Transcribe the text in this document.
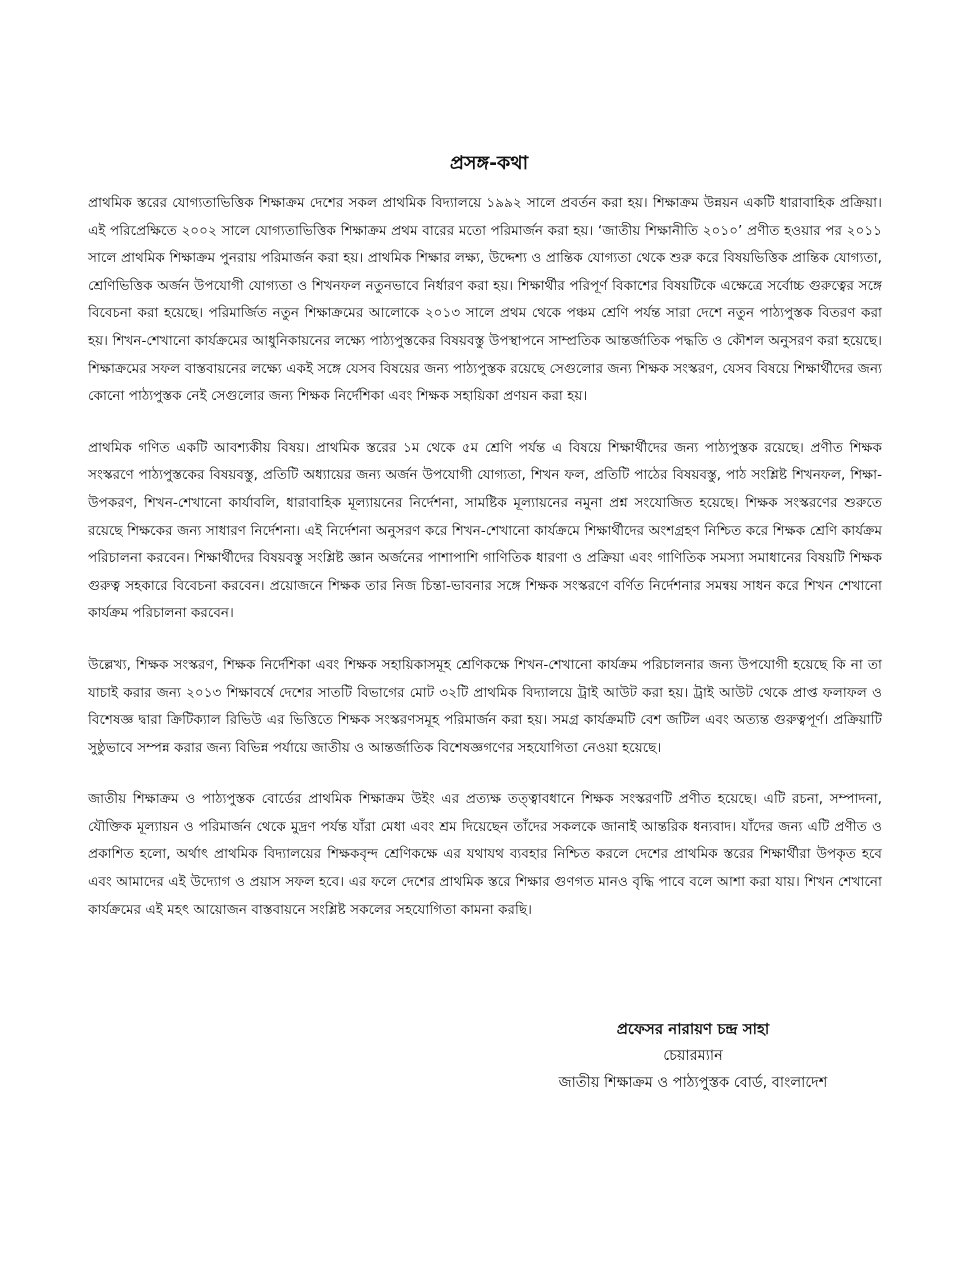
প্রসঙ্গ-কথা

প্রাথমিক স্তরের যোগ্যতাভিত্তিক শিক্ষাক্রম দেশের সকল প্রাথমিক বিদ্যালয়ে ১৯৯২ সালে প্রবর্তন করা হয়। শিক্ষাক্রম উন্নয়ন একটি ধারাবাহিক প্রক্রিয়া। এই পরিপ্রেক্ষিতে ২০০২ সালে যোগ্যতাভিত্তিক শিক্ষাক্রম প্রথম বারের মতো পরিমার্জন করা হয়। ‘জাতীয় শিক্ষানীতি ২০১০’ প্রণীত হওয়ার পর ২০১১ সালে প্রাথমিক শিক্ষাক্রম পুনরায় পরিমার্জন করা হয়। প্রাথমিক শিক্ষার লক্ষ্য, উদ্দেশ্য ও প্রান্তিক যোগ্যতা থেকে শুরু করে বিষয়ভিত্তিক প্রান্তিক যোগ্যতা, শ্রেণিভিত্তিক অর্জন উপযোগী যোগ্যতা ও শিখনফল নতুনভাবে নির্ধারণ করা হয়। শিক্ষার্থীর পরিপূর্ণ বিকাশের বিষয়টিকে এক্ষেত্রে সর্বোচ্চ গুরুত্বের সঙ্গে বিবেচনা করা হয়েছে। পরিমার্জিত নতুন শিক্ষাক্রমের আলোকে ২০১৩ সালে প্রথম থেকে পঞ্চম শ্রেণি পর্যন্ত সারা দেশে নতুন পাঠ্যপুস্তক বিতরণ করা হয়। শিখন-শেখানো কার্যক্রমের আধুনিকায়নের লক্ষ্যে পাঠ্যপুস্তকের বিষয়বস্তু উপস্থাপনে সাম্প্রতিক আন্তর্জাতিক পদ্ধতি ও কৌশল অনুসরণ করা হয়েছে। শিক্ষাক্রমের সফল বাস্তবায়নের লক্ষ্যে একই সঙ্গে যেসব বিষয়ের জন্য পাঠ্যপুস্তক রয়েছে সেগুলোর জন্য শিক্ষক সংস্করণ, যেসব বিষয়ে শিক্ষার্থীদের জন্য কোনো পাঠ্যপুস্তক নেই সেগুলোর জন্য শিক্ষক নির্দেশিকা এবং শিক্ষক সহায়িকা প্রণয়ন করা হয়।

প্রাথমিক গণিত একটি আবশ্যকীয় বিষয়। প্রাথমিক স্তরের ১ম থেকে ৫ম শ্রেণি পর্যন্ত এ বিষয়ে শিক্ষার্থীদের জন্য পাঠ্যপুস্তক রয়েছে। প্রণীত শিক্ষক সংস্করণে পাঠ্যপুস্তকের বিষয়বস্তু, প্রতিটি অধ্যায়ের জন্য অর্জন উপযোগী যোগ্যতা, শিখন ফল, প্রতিটি পাঠের বিষয়বস্তু, পাঠ সংশ্লিষ্ট শিখনফল, শিক্ষা-উপকরণ, শিখন-শেখানো কার্যাবলি, ধারাবাহিক মূল্যায়নের নির্দেশনা, সামষ্টিক মূল্যায়নের নমুনা প্রশ্ন সংযোজিত হয়েছে। শিক্ষক সংস্করণের শুরুতে রয়েছে শিক্ষকের জন্য সাধারণ নির্দেশনা। এই নির্দেশনা অনুসরণ করে শিখন-শেখানো কার্যক্রমে শিক্ষার্থীদের অংশগ্রহণ নিশ্চিত করে শিক্ষক শ্রেণি কার্যক্রম পরিচালনা করবেন। শিক্ষার্থীদের বিষয়বস্তু সংশ্লিষ্ট জ্ঞান অর্জনের পাশাপাশি গাণিতিক ধারণা ও প্রক্রিয়া এবং গাণিতিক সমস্যা সমাধানের বিষয়টি শিক্ষক গুরুত্ব সহকারে বিবেচনা করবেন। প্রয়োজনে শিক্ষক তার নিজ চিন্তা-ভাবনার সঙ্গে শিক্ষক সংস্করণে বর্ণিত নির্দেশনার সমন্বয় সাধন করে শিখন শেখানো কার্যক্রম পরিচালনা করবেন।

উল্লেখ্য, শিক্ষক সংস্করণ, শিক্ষক নির্দেশিকা এবং শিক্ষক সহায়িকাসমূহ শ্রেণিকক্ষে শিখন-শেখানো কার্যক্রম পরিচালনার জন্য উপযোগী হয়েছে কি না তা যাচাই করার জন্য ২০১৩ শিক্ষাবর্ষে দেশের সাতটি বিভাগের মোট ৩২টি প্রাথমিক বিদ্যালয়ে ট্রাই আউট করা হয়। ট্রাই আউট থেকে প্রাপ্ত ফলাফল ও বিশেষজ্ঞ দ্বারা ক্রিটিক্যাল রিভিউ এর ভিত্তিতে শিক্ষক সংস্করণসমূহ পরিমার্জন করা হয়। সমগ্র কার্যক্রমটি বেশ জটিল এবং অত্যন্ত গুরুত্বপূর্ণ। প্রক্রিয়াটি সুষ্ঠুভাবে সম্পন্ন করার জন্য বিভিন্ন পর্যায়ে জাতীয় ও আন্তর্জাতিক বিশেষজ্ঞগণের সহযোগিতা নেওয়া হয়েছে।

জাতীয় শিক্ষাক্রম ও পাঠ্যপুস্তক বোর্ডের প্রাথমিক শিক্ষাক্রম উইং এর প্রত্যক্ষ তত্ত্বাবধানে শিক্ষক সংস্করণটি প্রণীত হয়েছে। এটি রচনা, সম্পাদনা, যৌক্তিক মূল্যায়ন ও পরিমার্জন থেকে মুদ্রণ পর্যন্ত যাঁরা মেধা এবং শ্রম দিয়েছেন তাঁদের সকলকে জানাই আন্তরিক ধন্যবাদ। যাঁদের জন্য এটি প্রণীত ও প্রকাশিত হলো, অর্থাৎ প্রাথমিক বিদ্যালয়ের শিক্ষকবৃন্দ শ্রেণিকক্ষে এর যথাযথ ব্যবহার নিশ্চিত করলে দেশের প্রাথমিক স্তরের শিক্ষার্থীরা উপকৃত হবে এবং আমাদের এই উদ্যোগ ও প্রয়াস সফল হবে। এর ফলে দেশের প্রাথমিক স্তরে শিক্ষার গুণগত মানও বৃদ্ধি পাবে বলে আশা করা যায়। শিখন শেখানো কার্যক্রমের এই মহৎ আয়োজন বাস্তবায়নে সংশ্লিষ্ট সকলের সহযোগিতা কামনা করছি।

প্রফেসর নারায়ণ চন্দ্র সাহা
চেয়ারম্যান
জাতীয় শিক্ষাক্রম ও পাঠ্যপুস্তক বোর্ড, বাংলাদেশ
